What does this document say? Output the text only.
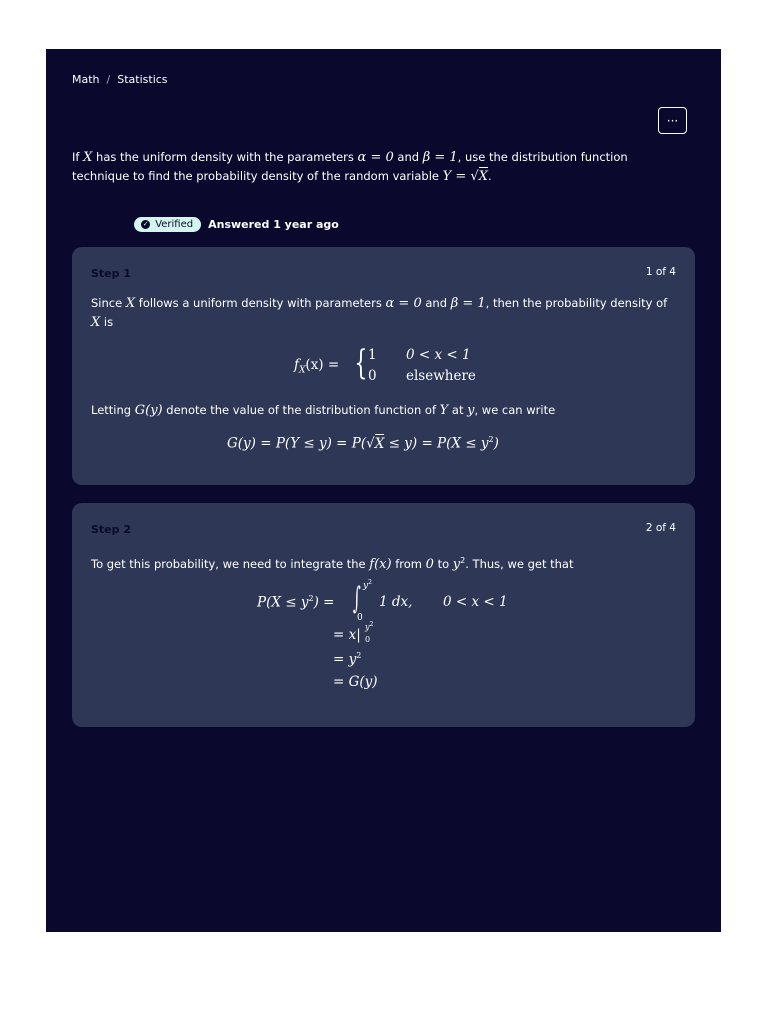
Math / Statistics
Question	···
If X has the uniform density with the parameters α = 0 and β = 1, use the distribution function technique to find the probability density of the random variable Y = √X.
Solution ✓ Verified Answered 1 year ago
Step 1	1 of 4
Since X follows a uniform density with parameters α = 0 and β = 1, then the probability density of X is
$f_X(x)$ = { 1 0 < x < 1
0 elsewhere
Letting G(y) denote the value of the distribution function of Y at y, we can write
$G(y) = P(Y \le y) = P(√X \le y) = P(X \le y^2)$
Step 2	2 of 4
To get this probability, we need to integrate the f(x) from 0 to $y^2$. Thus, we get that
$P(X \le y^2)$ = ∫ $y^2$
0
1 dx, 0 < x < 1
= x| $y^2$
0
= $y^2$
= G(y)
